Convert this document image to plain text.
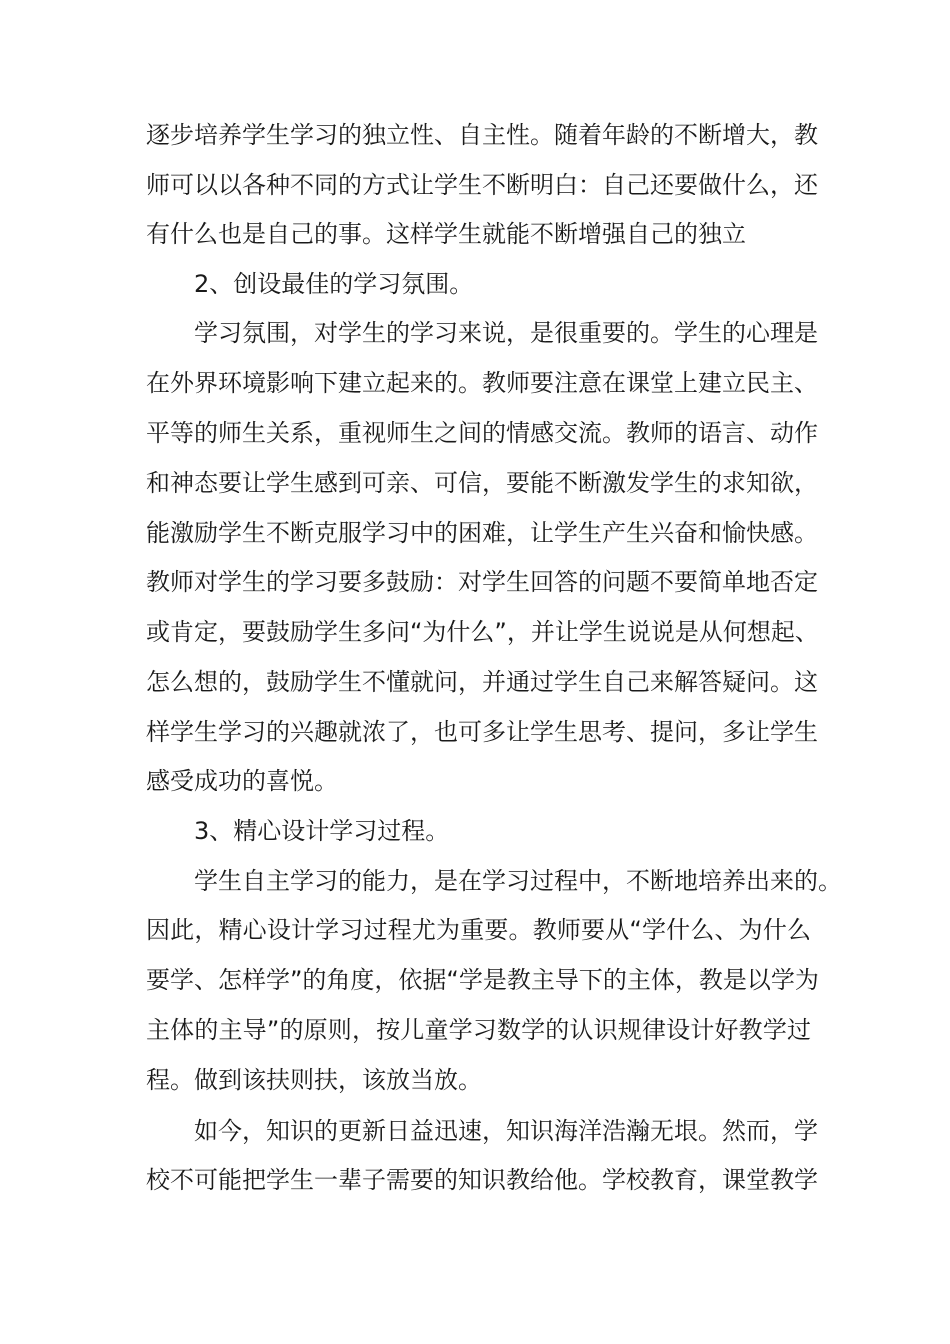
逐步培养学生学习的独立性、自主性。随着年龄的不断增大，教
师可以以各种不同的方式让学生不断明白：自己还要做什么，还
有什么也是自己的事。这样学生就能不断增强自己的独立
2、创设最佳的学习氛围。
学习氛围，对学生的学习来说，是很重要的。学生的心理是
在外界环境影响下建立起来的。教师要注意在课堂上建立民主、
平等的师生关系，重视师生之间的情感交流。教师的语言、动作
和神态要让学生感到可亲、可信，要能不断激发学生的求知欲，
能激励学生不断克服学习中的困难，让学生产生兴奋和愉快感。
教师对学生的学习要多鼓励：对学生回答的问题不要简单地否定
或肯定，要鼓励学生多问“为什么”，并让学生说说是从何想起、
怎么想的，鼓励学生不懂就问，并通过学生自己来解答疑问。这
样学生学习的兴趣就浓了，也可多让学生思考、提问，多让学生
感受成功的喜悦。
3、精心设计学习过程。
学生自主学习的能力，是在学习过程中，不断地培养出来的。
因此，精心设计学习过程尤为重要。教师要从“学什么、为什么
要学、怎样学”的角度，依据“学是教主导下的主体，教是以学为
主体的主导”的原则，按儿童学习数学的认识规律设计好教学过
程。做到该扶则扶，该放当放。
如今，知识的更新日益迅速，知识海洋浩瀚无垠。然而，学
校不可能把学生一辈子需要的知识教给他。学校教育，课堂教学
